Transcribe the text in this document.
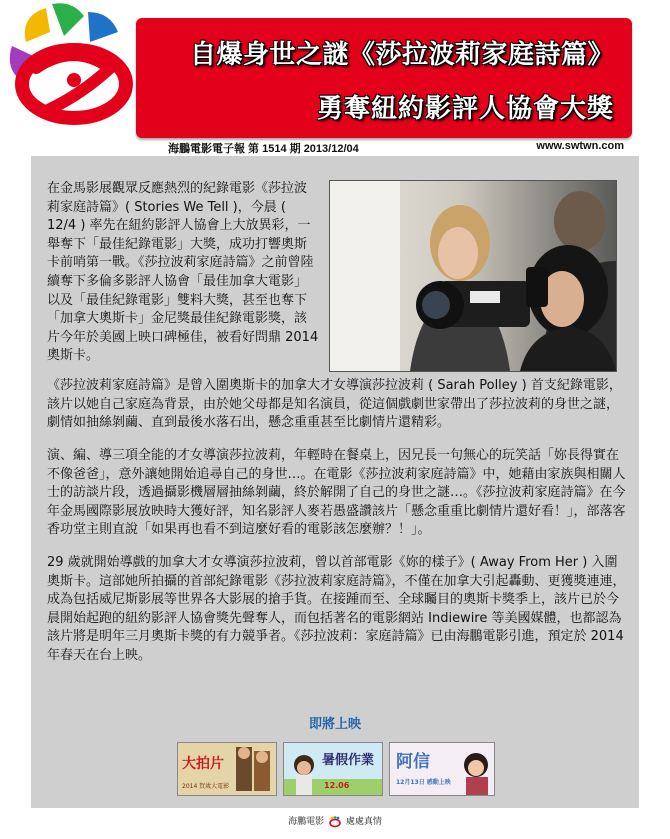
自爆身世之謎《莎拉波莉家庭詩篇》
勇奪紐約影評人協會大獎
海鵬電影電子報 第 1514 期 2013/12/04	www.swtwn.com

在金馬影展觀眾反應熱烈的紀錄電影《莎拉波莉家庭詩篇》( Stories We Tell )，今晨 ( 12/4 ) 率先在紐約影評人協會上大放異彩，一舉奪下「最佳紀錄電影」大獎，成功打響奧斯卡前哨第一戰。《莎拉波莉家庭詩篇》之前曾陸續奪下多倫多影評人協會「最佳加拿大電影」以及「最佳紀錄電影」雙料大獎，甚至也奪下「加拿大奧斯卡」金尼獎最佳紀錄電影獎，該片今年於美國上映口碑極佳，被看好問鼎 2014 奧斯卡。

《莎拉波莉家庭詩篇》是曾入圍奧斯卡的加拿大才女導演莎拉波莉 ( Sarah Polley ) 首支紀錄電影，該片以她自己家庭為背景，由於她父母都是知名演員，從這個戲劇世家帶出了莎拉波莉的身世之謎，劇情如抽絲剝繭、直到最後水落石出，懸念重重甚至比劇情片還精彩。

演、編、導三項全能的才女導演莎拉波莉，年輕時在餐桌上，因兄長一句無心的玩笑話「妳長得實在不像爸爸」，意外讓她開始追尋自己的身世…。在電影《莎拉波莉家庭詩篇》中，她藉由家族與相關人士的訪談片段，透過攝影機層層抽絲剝繭，終於解開了自己的身世之謎…。《莎拉波莉家庭詩篇》在今年金馬國際影展放映時大獲好評，知名影評人麥若愚盛讚該片「懸念重重比劇情片還好看！」，部落客香功堂主則直說「如果再也看不到這麼好看的電影該怎麼辦？！」。

29 歲就開始導戲的加拿大才女導演莎拉波莉，曾以首部電影《妳的樣子》( Away From Her ) 入圍奧斯卡。這部她所拍攝的首部紀錄電影《莎拉波莉家庭詩篇》，不僅在加拿大引起轟動、更獲獎連連，成為包括威尼斯影展等世界各大影展的搶手貨。在接踵而至、全球矚目的奧斯卡獎季上，該片已於今晨開始起跑的紐約影評人協會獎先聲奪人，而包括著名的電影網站 Indiewire 等美國媒體，也都認為該片將是明年三月奧斯卡獎的有力競爭者。《莎拉波莉：家庭詩篇》已由海鵬電影引進，預定於 2014 年春天在台上映。

即將上映
大拍片
2014 賀歲大電影
暑假作業
12.06
阿信
12月13日 感動上映
海鵬電影 處處真情
